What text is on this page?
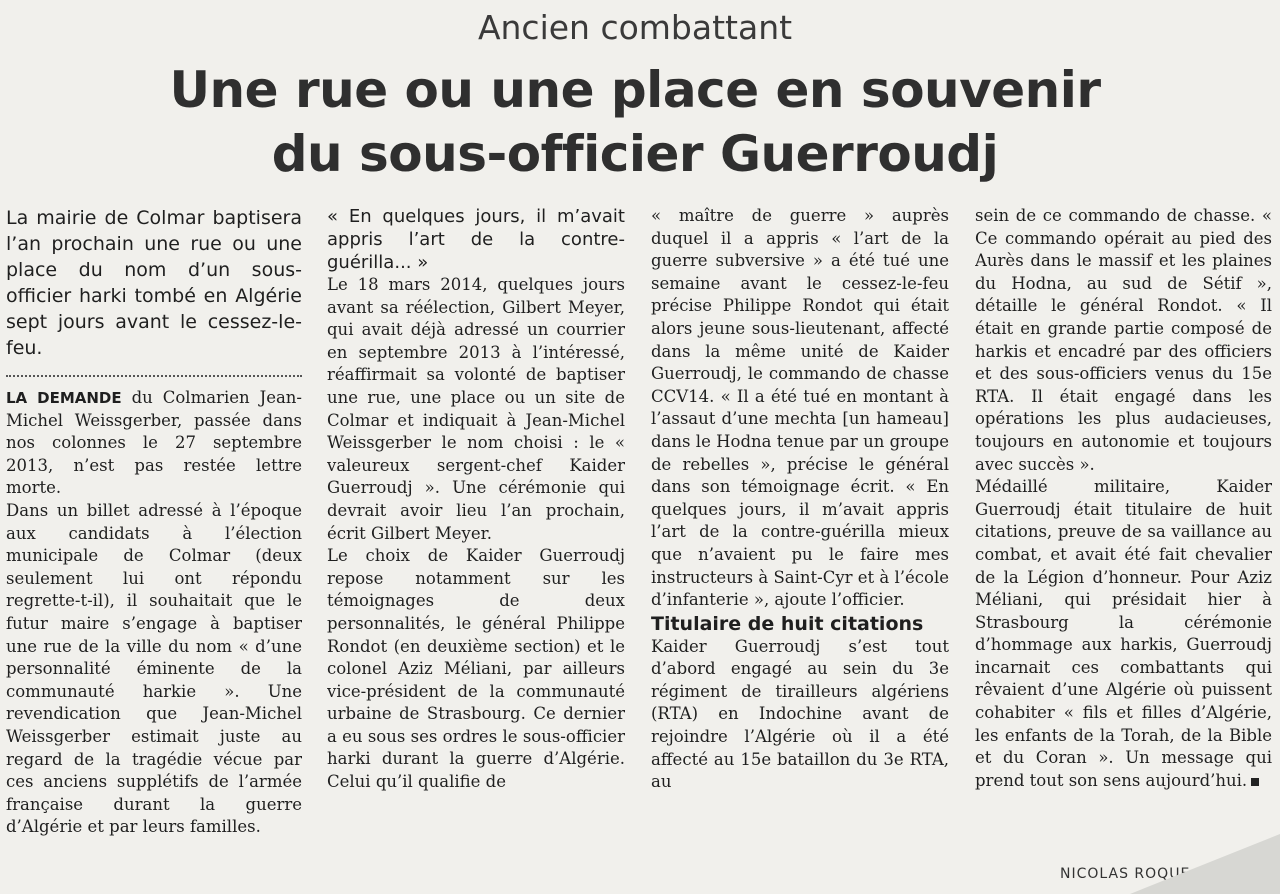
Ancien combattant
Une rue ou une place en souvenir
du sous-officier Guerroudj

La mairie de Colmar baptisera l’an prochain une rue ou une place du nom d’un sous-officier harki tombé en Algérie sept jours avant le cessez-le-feu.

LA DEMANDE du Colmarien Jean-Michel Weissgerber, passée dans nos colonnes le 27 septembre 2013, n’est pas restée lettre morte.

Dans un billet adressé à l’époque aux candidats à l’élection municipale de Colmar (deux seulement lui ont répondu regrette-t-il), il souhaitait que le futur maire s’engage à baptiser une rue de la ville du nom « d’une personnalité éminente de la communauté harkie ». Une revendication que Jean-Michel Weissgerber estimait juste au regard de la tragédie vécue par ces anciens supplétifs de l’armée française durant la guerre d’Algérie et par leurs familles.

« En quelques jours, il m’avait appris l’art de la contre-guérilla... »

Le 18 mars 2014, quelques jours avant sa réélection, Gilbert Meyer, qui avait déjà adressé un courrier en septembre 2013 à l’intéressé, réaffirmait sa volonté de baptiser une rue, une place ou un site de Colmar et indiquait à Jean-Michel Weissgerber le nom choisi : le « valeureux sergent-chef Kaider Guerroudj ». Une cérémonie qui devrait avoir lieu l’an prochain, écrit Gilbert Meyer.

Le choix de Kaider Guerroudj repose notamment sur les témoignages de deux personnalités, le général Philippe Rondot (en deuxième section) et le colonel Aziz Méliani, par ailleurs vice-président de la communauté urbaine de Strasbourg. Ce dernier a eu sous ses ordres le sous-officier harki durant la guerre d’Algérie. Celui qu’il qualifie de

« maître de guerre » auprès duquel il a appris « l’art de la guerre subversive » a été tué une semaine avant le cessez-le-feu précise Philippe Rondot qui était alors jeune sous-lieutenant, affecté dans la même unité de Kaider Guerroudj, le commando de chasse CCV14. « Il a été tué en montant à l’assaut d’une mechta [un hameau] dans le Hodna tenue par un groupe de rebelles », précise le général dans son témoignage écrit. « En quelques jours, il m’avait appris l’art de la contre-guérilla mieux que n’avaient pu le faire mes instructeurs à Saint-Cyr et à l’école d’infanterie », ajoute l’officier.

Titulaire de huit citations

Kaider Guerroudj s’est tout d’abord engagé au sein du 3e régiment de tirailleurs algériens (RTA) en Indochine avant de rejoindre l’Algérie où il a été affecté au 15e bataillon du 3e RTA, au

sein de ce commando de chasse. « Ce commando opérait au pied des Aurès dans le massif et les plaines du Hodna, au sud de Sétif », détaille le général Rondot. « Il était en grande partie composé de harkis et encadré par des officiers et des sous-officiers venus du 15e RTA. Il était engagé dans les opérations les plus audacieuses, toujours en autonomie et toujours avec succès ».

Médaillé militaire, Kaider Guerroudj était titulaire de huit citations, preuve de sa vaillance au combat, et avait été fait chevalier de la Légion d’honneur. Pour Aziz Méliani, qui présidait hier à Strasbourg la cérémonie d’hommage aux harkis, Guerroudj incarnait ces combattants qui rêvaient d’une Algérie où puissent cohabiter « fils et filles d’Algérie, les enfants de la Torah, de la Bible et du Coran ». Un message qui prend tout son sens aujourd’hui.

NICOLAS ROQUE
